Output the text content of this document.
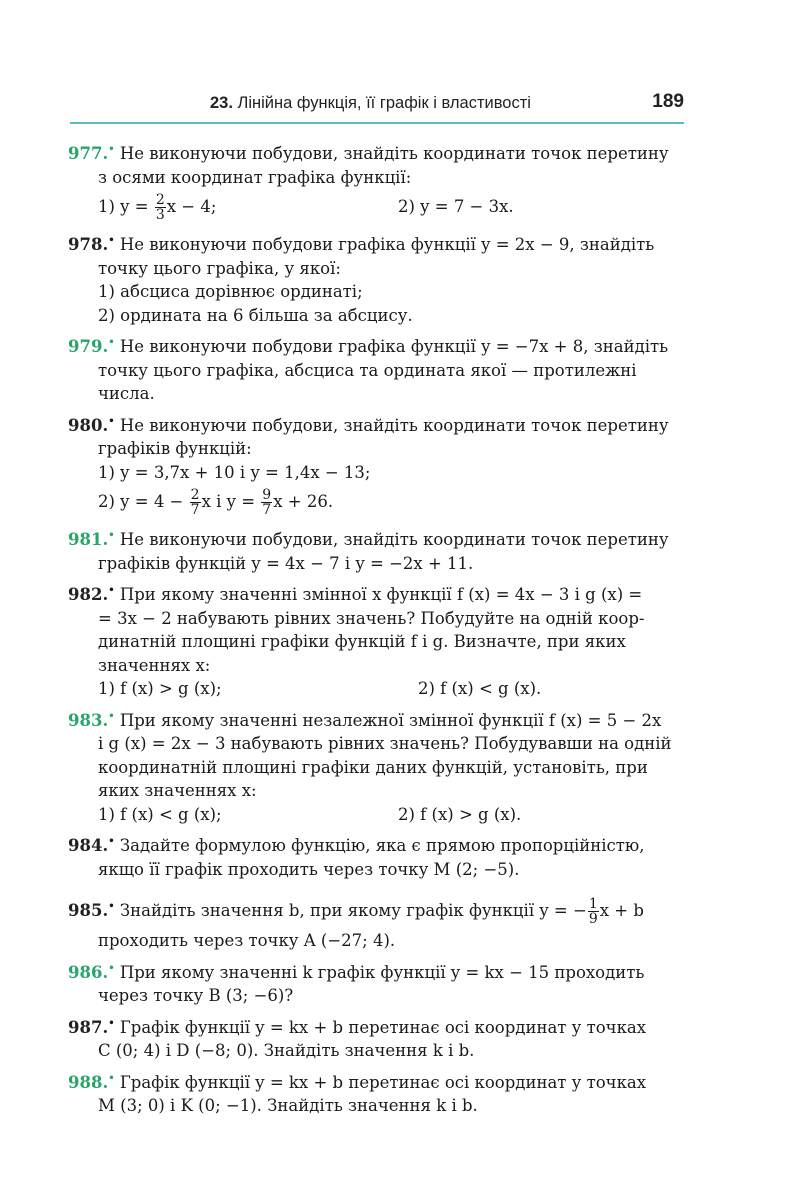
23. Лінійна функція, її графік і властивості	189

977.• Не виконуючи побудови, знайдіть координати точок перетину

з осями координат графіка функції:

1) $y = \frac{2}{3}$ x − 4;	2) y = 7 − 3x.

978.• Не виконуючи побудови графіка функції y = 2x − 9, знайдіть

точку цього графіка, у якої:

1) абсциса дорівнює ординаті;

2) ордината на 6 більша за абсцису.

979.• Не виконуючи побудови графіка функції y = −7x + 8, знайдіть

точку цього графіка, абсциса та ордината якої — протилежні

числа.

980.• Не виконуючи побудови, знайдіть координати точок перетину

графіків функцій:

1) y = 3,7x + 10 і y = 1,4x − 13;

2) $y = 4 - \frac{2}{7}$ x і $y = \frac{9}{7}$ x + 26.

981.• Не виконуючи побудови, знайдіть координати точок перетину

графіків функцій y = 4x − 7 і y = −2x + 11.

982.• При якому значенні змінної x функції f (x) = 4x − 3 і g (x) =

= 3x − 2 набувають рівних значень? Побудуйте на одній коор-

динатній площині графіки функцій f і g. Визначте, при яких

значеннях x:

1) f (x) > g (x);	2) f (x) < g (x).

983.• При якому значенні незалежної змінної функції f (x) = 5 − 2x

і g (x) = 2x − 3 набувають рівних значень? Побудувавши на одній

координатній площині графіки даних функцій, установіть, при

яких значеннях x:

1) f (x) < g (x);	2) f (x) > g (x).

984.• Задайте формулою функцію, яка є прямою пропорційністю,

якщо її графік проходить через точку M (2; −5).

985.• Знайдіть значення b, при якому графік функції y = − $\frac{1}{9}$ x + b

проходить через точку A (−27; 4).

986.• При якому значенні k графік функції y = kx − 15 проходить

через точку B (3; −6)?

987.• Графік функції y = kx + b перетинає осі координат у точках

C (0; 4) і D (−8; 0). Знайдіть значення k і b.

988.• Графік функції y = kx + b перетинає осі координат у точках

M (3; 0) і K (0; −1). Знайдіть значення k і b.
